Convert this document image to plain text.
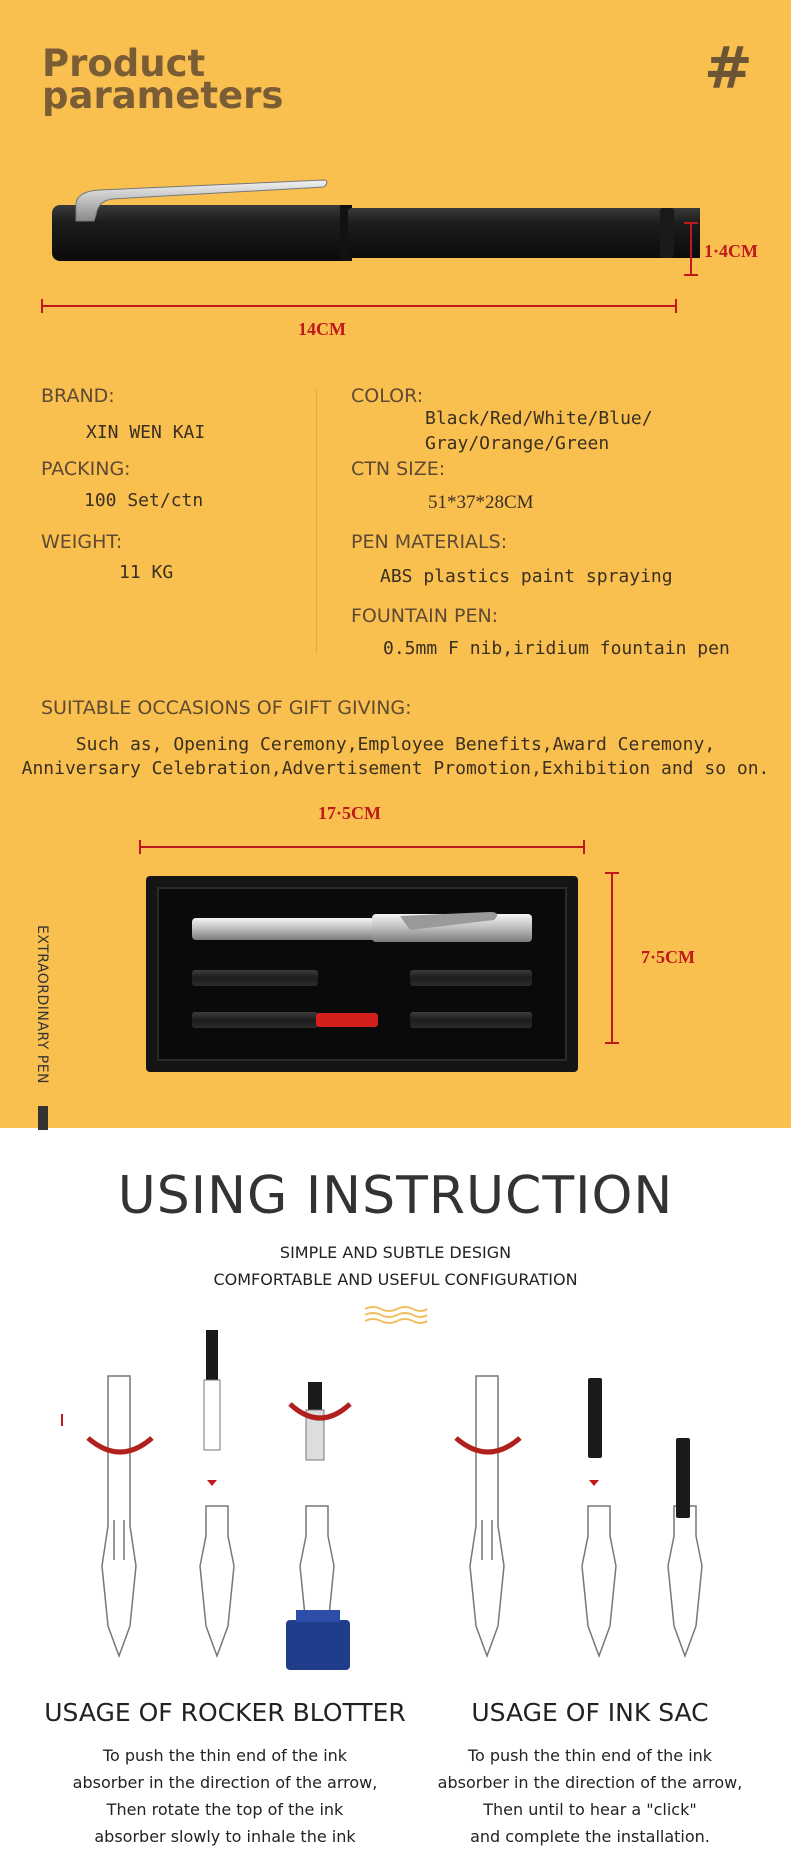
Product
parameters	#
14CM
1·4CM
BRAND:
XIN WEN KAI
PACKING:
100 Set/ctn
WEIGHT:
11 KG
COLOR:
Black/Red/White/Blue/
Gray/Orange/Green
CTN SIZE:
51*37*28CM
PEN MATERIALS:
ABS plastics paint spraying
FOUNTAIN PEN:
0.5mm F nib,iridium fountain pen
SUITABLE OCCASIONS OF GIFT GIVING:
Such as, Opening Ceremony,Employee Benefits,Award Ceremony,
Anniversary Celebration,Advertisement Promotion,Exhibition and so on.
17·5CM
7·5CM
EXTRAORDINARY PEN
USING INSTRUCTION
SIMPLE AND SUBTLE DESIGN
COMFORTABLE AND USEFUL CONFIGURATION
USAGE OF ROCKER BLOTTER
To push the thin end of the ink
absorber in the direction of the arrow,
Then rotate the top of the ink
absorber slowly to inhale the ink
USAGE OF INK SAC
To push the thin end of the ink
absorber in the direction of the arrow,
Then until to hear a "click"
and complete the installation.
